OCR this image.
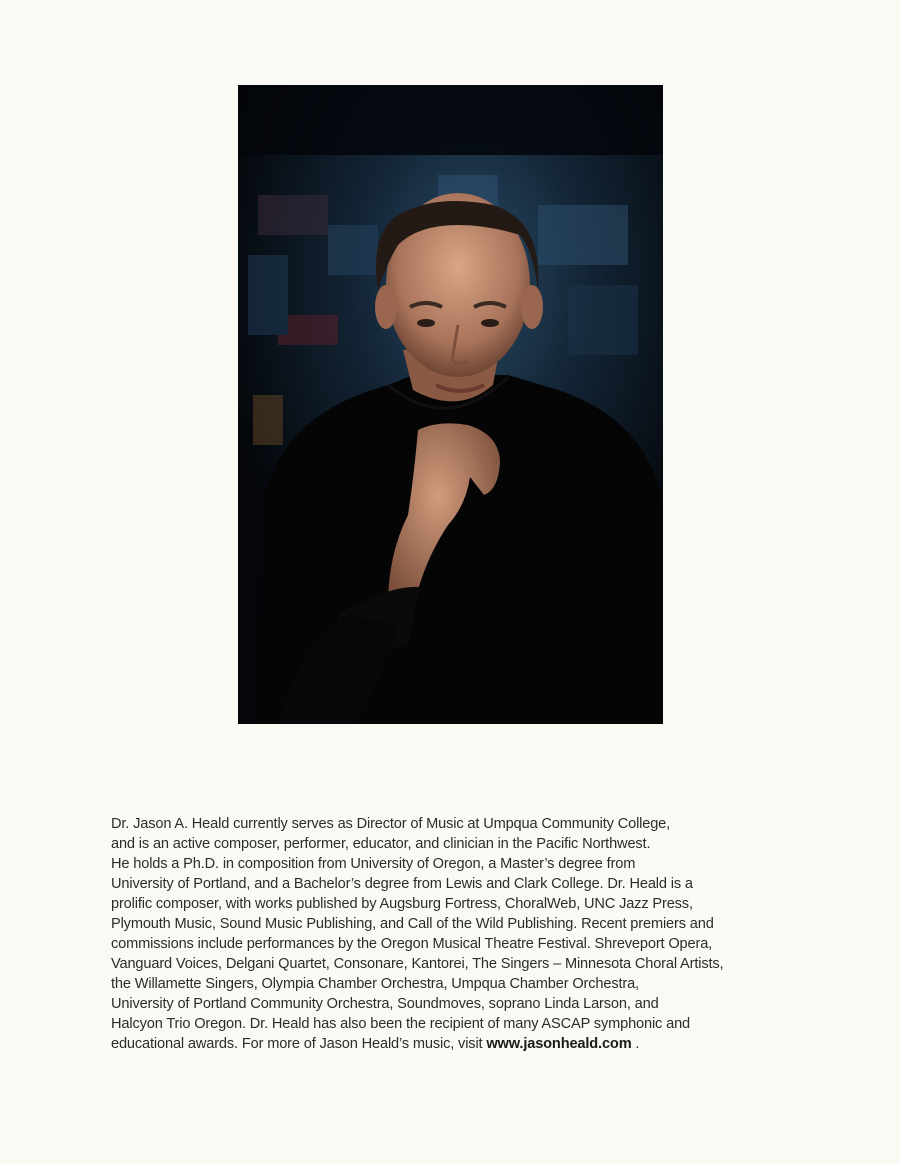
Dr. Jason A. Heald currently serves as Director of Music at Umpqua Community College,
and is an active composer, performer, educator, and clinician in the Pacific Northwest.
He holds a Ph.D. in composition from University of Oregon, a Master’s degree from
University of Portland, and a Bachelor’s degree from Lewis and Clark College. Dr. Heald is a
prolific composer, with works published by Augsburg Fortress, ChoralWeb, UNC Jazz Press,
Plymouth Music, Sound Music Publishing, and Call of the Wild Publishing. Recent premiers and
commissions include performances by the Oregon Musical Theatre Festival. Shreveport Opera,
Vanguard Voices, Delgani Quartet, Consonare, Kantorei, The Singers – Minnesota Choral Artists,
the Willamette Singers, Olympia Chamber Orchestra, Umpqua Chamber Orchestra,
University of Portland Community Orchestra, Soundmoves, soprano Linda Larson, and
Halcyon Trio Oregon. Dr. Heald has also been the recipient of many ASCAP symphonic and
educational awards. For more of Jason Heald’s music, visit www.jasonheald.com .
